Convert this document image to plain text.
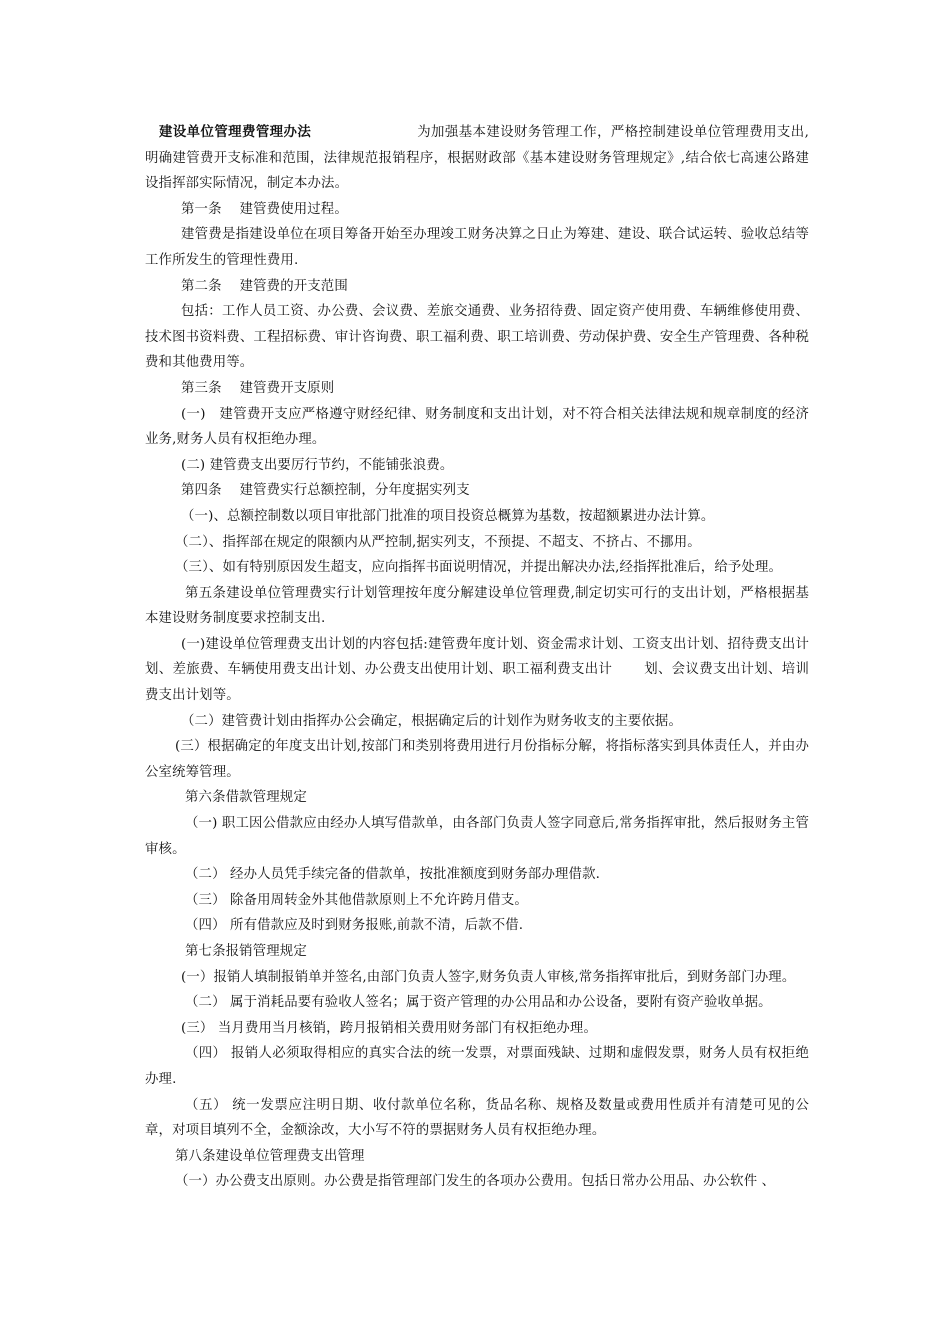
建设单位管理费管理办法	为加强基本建设财务管理工作，严格控制建设单位管理费用支出,明确建管费开支标准和范围，法律规范报销程序，根据财政部《基本建设财务管理规定》,结合依七高速公路建设指挥部实际情况，制定本办法。

第一条　 建管费使用过程。

建管费是指建设单位在项目筹备开始至办理竣工财务决算之日止为筹建、建设、联合试运转、验收总结等工作所发生的管理性费用.

第二条　 建管费的开支范围

包括：工作人员工资、办公费、会议费、差旅交通费、业务招待费、固定资产使用费、车辆维修使用费、技术图书资料费、工程招标费、审计咨询费、职工福利费、职工培训费、劳动保护费、安全生产管理费、各种税费和其他费用等。

第三条　 建管费开支原则

(一)　建管费开支应严格遵守财经纪律、财务制度和支出计划，对不符合相关法律法规和规章制度的经济业务,财务人员有权拒绝办理。

(二) 建管费支出要厉行节约，不能铺张浪费。

第四条　 建管费实行总额控制，分年度据实列支

（一)、总额控制数以项目审批部门批准的项目投资总概算为基数，按超额累进办法计算。

（二）、指挥部在规定的限额内从严控制,据实列支，不预提、不超支、不挤占、不挪用。

（三）、如有特别原因发生超支，应向指挥书面说明情况，并提出解决办法,经指挥批准后，给予处理。

第五条建设单位管理费实行计划管理按年度分解建设单位管理费,制定切实可行的支出计划，严格根据基本建设财务制度要求控制支出.

(一)建设单位管理费支出计划的内容包括:建管费年度计划、资金需求计划、工资支出计划、招待费支出计划、差旅费、车辆使用费支出计划、办公费支出使用计划、职工福利费支出计　　 划、会议费支出计划、培训费支出计划等。

（二）建管费计划由指挥办公会确定，根据确定后的计划作为财务收支的主要依据。

(三）根据确定的年度支出计划,按部门和类别将费用进行月份指标分解，将指标落实到具体责任人，并由办公室统筹管理。

第六条借款管理规定

（一) 职工因公借款应由经办人填写借款单，由各部门负责人签字同意后,常务指挥审批，然后报财务主管审核。

（二） 经办人员凭手续完备的借款单，按批准额度到财务部办理借款.

（三） 除备用周转金外其他借款原则上不允许跨月借支。

（四） 所有借款应及时到财务报账,前款不清，后款不借.

第七条报销管理规定

(一）报销人填制报销单并签名,由部门负责人签字,财务负责人审核,常务指挥审批后，到财务部门办理。

（二） 属于消耗品要有验收人签名；属于资产管理的办公用品和办公设备，要附有资产验收单据。

(三） 当月费用当月核销，跨月报销相关费用财务部门有权拒绝办理。

（四） 报销人必须取得相应的真实合法的统一发票，对票面残缺、过期和虚假发票，财务人员有权拒绝办理.

（五） 统一发票应注明日期、收付款单位名称，货品名称、规格及数量或费用性质并有清楚可见的公章，对项目填列不全，金额涂改，大小写不符的票据财务人员有权拒绝办理。

第八条建设单位管理费支出管理

（一）办公费支出原则。办公费是指管理部门发生的各项办公费用。包括日常办公用品、办公软件 、
